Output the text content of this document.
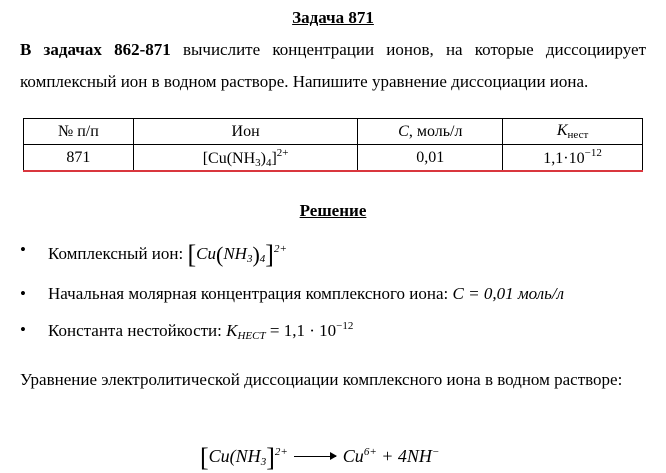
Задача 871
В задачах 862-871 вычислите концентрации ионов, на которые диссоциирует комплексный ион в водном растворе. Напишите уравнение диссоциации иона.
№ п/п	Ион	C, моль/л	$K_{нест}$
871	$[Cu(NH_3)_4]^{2+}$	0,01	$1,1\cdot 10^{-12}$
Решение
• Комплексный ион: $[Cu(NH_3)_4]^{2+}$
• Начальная молярная концентрация комплексного иона: C = 0,01 моль/л
• Константа нестойкости: $K_{НЕСТ} = 1,1 \cdot 10^{-12}$
Уравнение электролитической диссоциации комплексного иона в водном растворе:
[$Cu(NH_3]^{2+} \to Cu^{6+} + 4NH^-$
